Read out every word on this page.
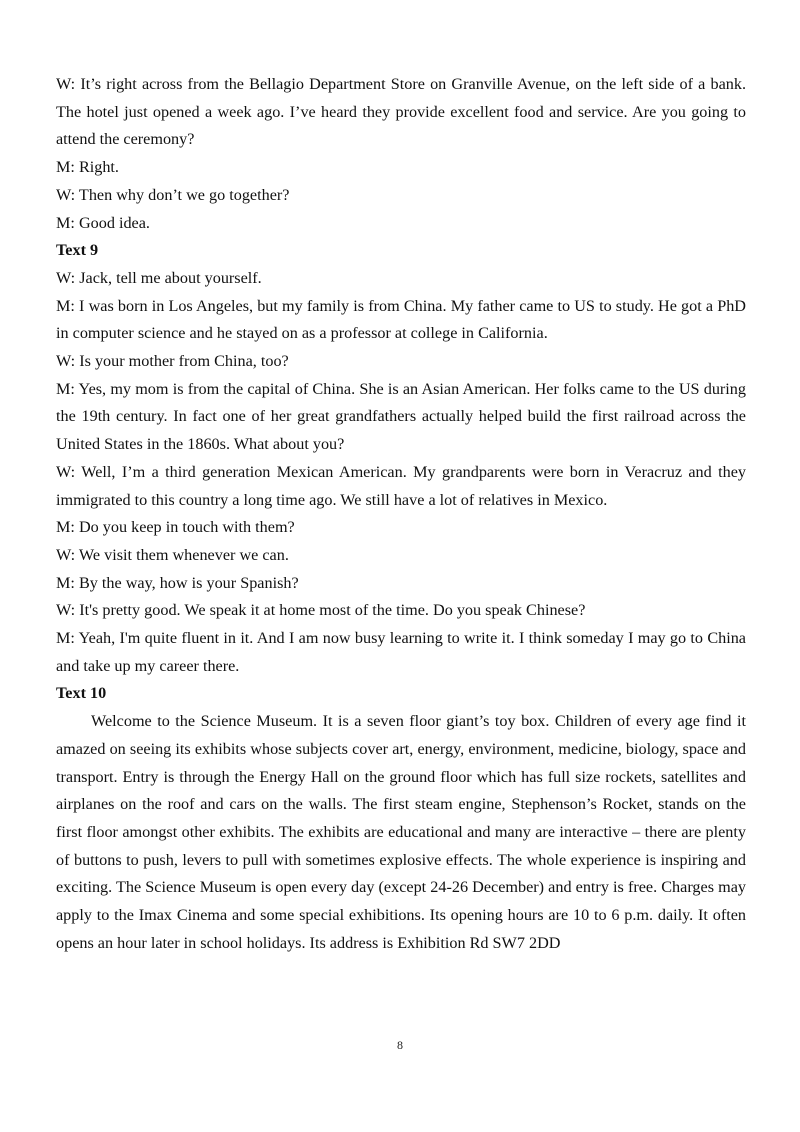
W: It’s right across from the Bellagio Department Store on Granville Avenue, on the left side of a bank. The hotel just opened a week ago. I’ve heard they provide excellent food and service. Are you going to attend the ceremony?

M: Right.

W: Then why don’t we go together?

M: Good idea.

Text 9

W: Jack, tell me about yourself.

M: I was born in Los Angeles, but my family is from China. My father came to US to study. He got a PhD in computer science and he stayed on as a professor at college in California.

W: Is your mother from China, too?

M: Yes, my mom is from the capital of China. She is an Asian American. Her folks came to the US during the 19th century. In fact one of her great grandfathers actually helped build the first railroad across the United States in the 1860s. What about you?

W: Well, I’m a third generation Mexican American. My grandparents were born in Veracruz and they immigrated to this country a long time ago. We still have a lot of relatives in Mexico.

M: Do you keep in touch with them?

W: We visit them whenever we can.

M: By the way, how is your Spanish?

W: It's pretty good. We speak it at home most of the time. Do you speak Chinese?

M: Yeah, I'm quite fluent in it. And I am now busy learning to write it. I think someday I may go to China and take up my career there.

Text 10

Welcome to the Science Museum. It is a seven floor giant’s toy box. Children of every age find it amazed on seeing its exhibits whose subjects cover art, energy, environment, medicine, biology, space and transport. Entry is through the Energy Hall on the ground floor which has full size rockets, satellites and airplanes on the roof and cars on the walls. The first steam engine, Stephenson’s Rocket, stands on the first floor amongst other exhibits. The exhibits are educational and many are interactive – there are plenty of buttons to push, levers to pull with sometimes explosive effects. The whole experience is inspiring and exciting. The Science Museum is open every day (except 24-26 December) and entry is free. Charges may apply to the Imax Cinema and some special exhibitions. Its opening hours are 10 to 6 p.m. daily. It often opens an hour later in school holidays. Its address is Exhibition Rd SW7 2DD

8
